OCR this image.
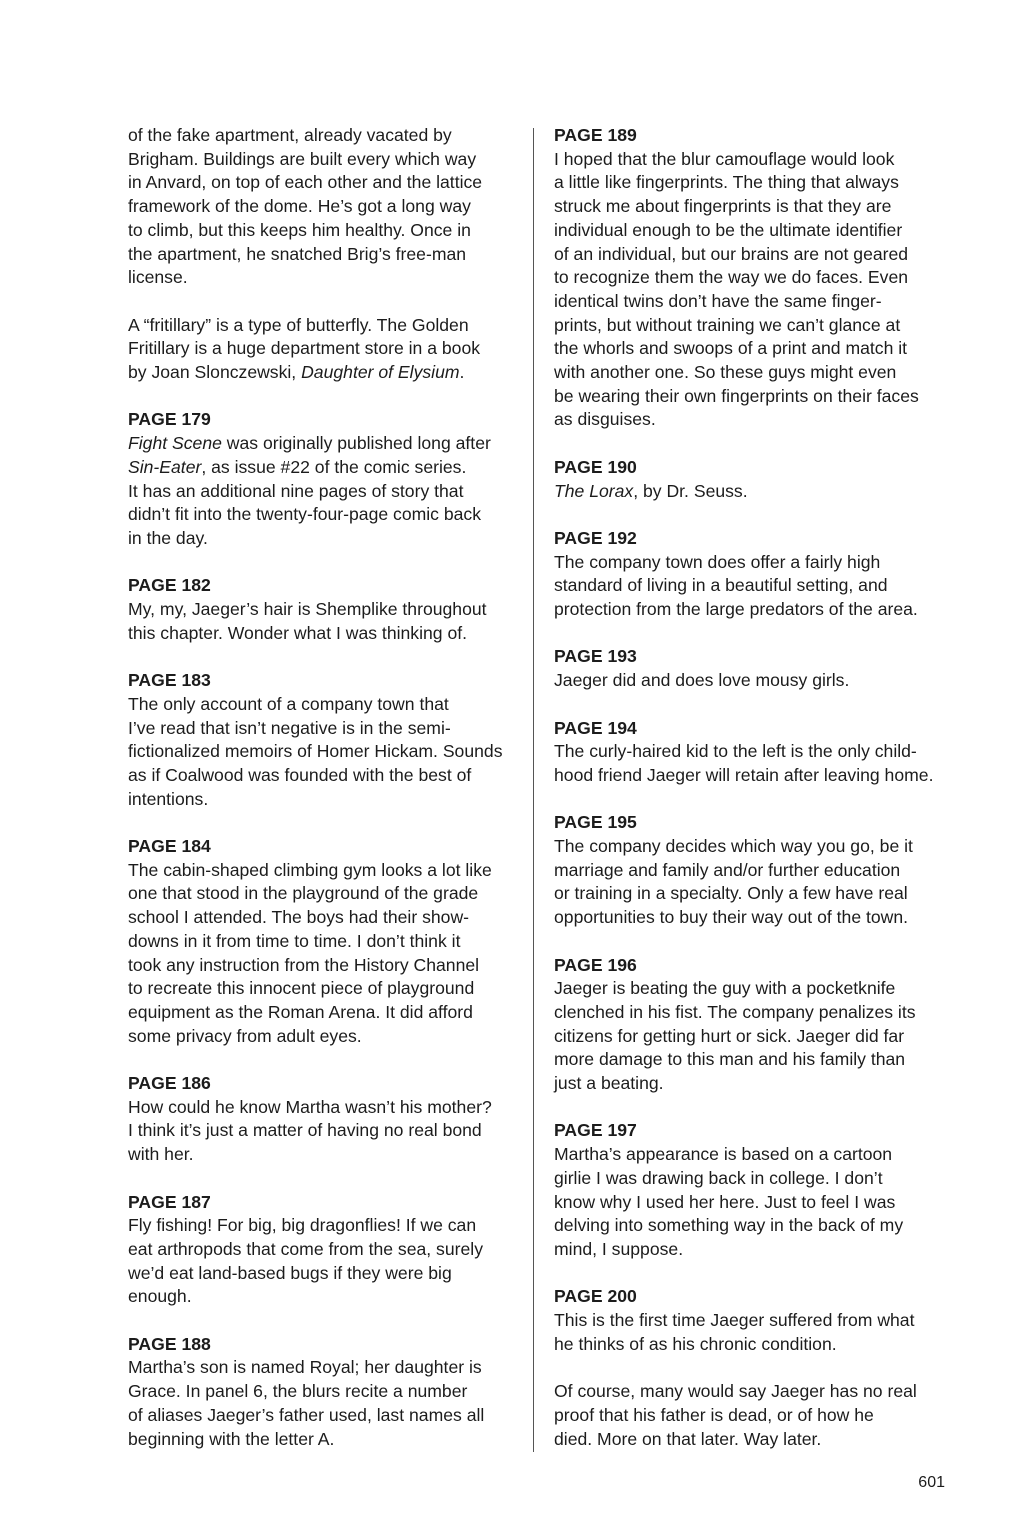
of the fake apartment, already vacated by
Brigham. Buildings are built every which way
in Anvard, on top of each other and the lattice
framework of the dome. He’s got a long way
to climb, but this keeps him healthy. Once in
the apartment, he snatched Brig’s free-man
license.

A “fritillary” is a type of butterfly. The Golden
Fritillary is a huge department store in a book
by Joan Slonczewski, Daughter of Elysium.

PAGE 179
Fight Scene was originally published long after
Sin-Eater, as issue #22 of the comic series.
It has an additional nine pages of story that
didn’t fit into the twenty-four-page comic back
in the day.
PAGE 182
My, my, Jaeger’s hair is Shemplike throughout
this chapter. Wonder what I was thinking of.
PAGE 183
The only account of a company town that
I’ve read that isn’t negative is in the semi-
fictionalized memoirs of Homer Hickam. Sounds
as if Coalwood was founded with the best of
intentions.
PAGE 184
The cabin-shaped climbing gym looks a lot like
one that stood in the playground of the grade
school I attended. The boys had their show-
downs in it from time to time. I don’t think it
took any instruction from the History Channel
to recreate this innocent piece of playground
equipment as the Roman Arena. It did afford
some privacy from adult eyes.
PAGE 186
How could he know Martha wasn’t his mother?
I think it’s just a matter of having no real bond
with her.
PAGE 187
Fly fishing! For big, big dragonflies! If we can
eat arthropods that come from the sea, surely
we’d eat land-based bugs if they were big
enough.
PAGE 188
Martha’s son is named Royal; her daughter is
Grace. In panel 6, the blurs recite a number
of aliases Jaeger’s father used, last names all
beginning with the letter A.
PAGE 189
I hoped that the blur camouflage would look
a little like fingerprints. The thing that always
struck me about fingerprints is that they are
individual enough to be the ultimate identifier
of an individual, but our brains are not geared
to recognize them the way we do faces. Even
identical twins don’t have the same finger-
prints, but without training we can’t glance at
the whorls and swoops of a print and match it
with another one. So these guys might even
be wearing their own fingerprints on their faces
as disguises.
PAGE 190
The Lorax, by Dr. Seuss.
PAGE 192
The company town does offer a fairly high
standard of living in a beautiful setting, and
protection from the large predators of the area.
PAGE 193
Jaeger did and does love mousy girls.
PAGE 194
The curly-haired kid to the left is the only child-
hood friend Jaeger will retain after leaving home.
PAGE 195
The company decides which way you go, be it
marriage and family and/or further education
or training in a specialty. Only a few have real
opportunities to buy their way out of the town.
PAGE 196
Jaeger is beating the guy with a pocketknife
clenched in his fist. The company penalizes its
citizens for getting hurt or sick. Jaeger did far
more damage to this man and his family than
just a beating.
PAGE 197
Martha’s appearance is based on a cartoon
girlie I was drawing back in college. I don’t
know why I used her here. Just to feel I was
delving into something way in the back of my
mind, I suppose.
PAGE 200
This is the first time Jaeger suffered from what
he thinks of as his chronic condition.

Of course, many would say Jaeger has no real
proof that his father is dead, or of how he
died. More on that later. Way later.

601
